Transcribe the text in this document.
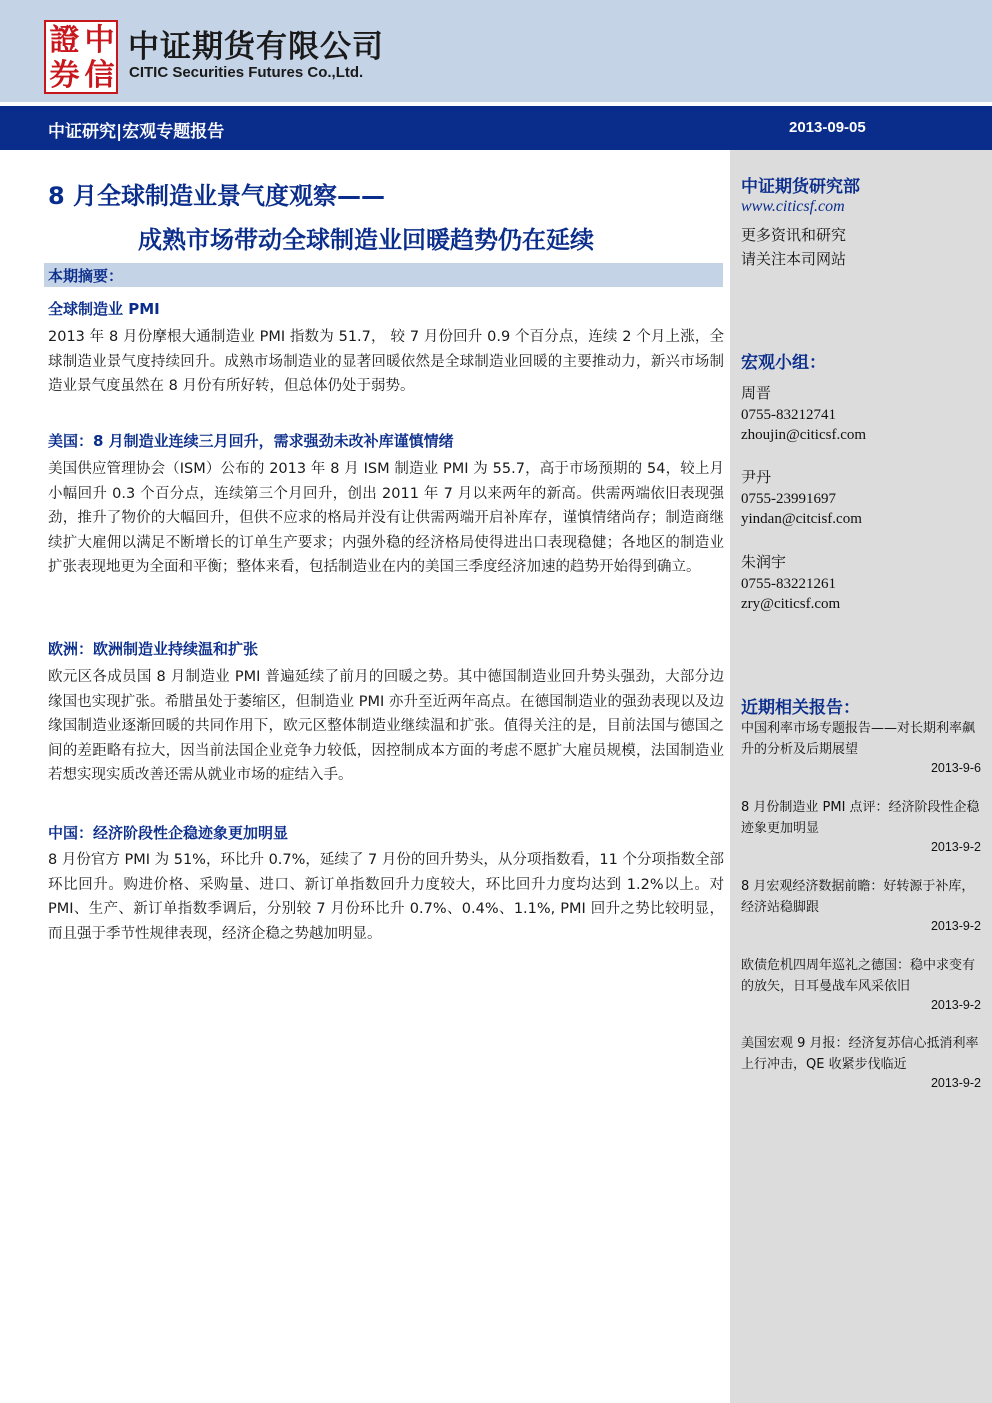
證 中
券 信
中证期货有限公司
CITIC Securities Futures Co.,Ltd.
中证研究|宏观专题报告	2013-09-05
中证期货研究部
www.citicsf.com
更多资讯和研究
请关注本司网站
宏观小组：
周晋
0755-83212741
zhoujin@citicsf.com
尹丹
0755-23991697
yindan@citcisf.com
朱润宇
0755-83221261
zry@citicsf.com
近期相关报告：
中国利率市场专题报告——对长期利率飙升的分析及后期展望
2013-9-6
8 月份制造业 PMI 点评：经济阶段性企稳迹象更加明显
2013-9-2
8 月宏观经济数据前瞻：好转源于补库，经济站稳脚跟
2013-9-2
欧债危机四周年巡礼之德国：稳中求变有的放矢，日耳曼战车风采依旧
2013-9-2
美国宏观 9 月报：经济复苏信心抵消利率上行冲击，QE 收紧步伐临近
2013-9-2
8 月全球制造业景气度观察——
成熟市场带动全球制造业回暖趋势仍在延续
本期摘要：
全球制造业 PMI
2013 年 8 月份摩根大通制造业 PMI 指数为 51.7， 较 7 月份回升 0.9 个百分点，连续 2 个月上涨，全球制造业景气度持续回升。成熟市场制造业的显著回暖依然是全球制造业回暖的主要推动力，新兴市场制造业景气度虽然在 8 月份有所好转，但总体仍处于弱势。
美国：8 月制造业连续三月回升，需求强劲未改补库谨慎情绪
美国供应管理协会（ISM）公布的 2013 年 8 月 ISM 制造业 PMI 为 55.7，高于市场预期的 54，较上月小幅回升 0.3 个百分点，连续第三个月回升，创出 2011 年 7 月以来两年的新高。供需两端依旧表现强劲，推升了物价的大幅回升，但供不应求的格局并没有让供需两端开启补库存，谨慎情绪尚存；制造商继续扩大雇佣以满足不断增长的订单生产要求；内强外稳的经济格局使得进出口表现稳健；各地区的制造业扩张表现地更为全面和平衡；整体来看，包括制造业在内的美国三季度经济加速的趋势开始得到确立。
欧洲：欧洲制造业持续温和扩张
欧元区各成员国 8 月制造业 PMI 普遍延续了前月的回暖之势。其中德国制造业回升势头强劲，大部分边缘国也实现扩张。希腊虽处于萎缩区，但制造业 PMI 亦升至近两年高点。在德国制造业的强劲表现以及边缘国制造业逐渐回暖的共同作用下，欧元区整体制造业继续温和扩张。值得关注的是，目前法国与德国之间的差距略有拉大，因当前法国企业竞争力较低，因控制成本方面的考虑不愿扩大雇员规模，法国制造业若想实现实质改善还需从就业市场的症结入手。
中国：经济阶段性企稳迹象更加明显
8 月份官方 PMI 为 51%，环比升 0.7%，延续了 7 月份的回升势头，从分项指数看，11 个分项指数全部环比回升。购进价格、采购量、进口、新订单指数回升力度较大，环比回升力度均达到 1.2%以上。对 PMI、生产、新订单指数季调后，分别较 7 月份环比升 0.7%、0.4%、1.1%, PMI 回升之势比较明显，而且强于季节性规律表现，经济企稳之势越加明显。
